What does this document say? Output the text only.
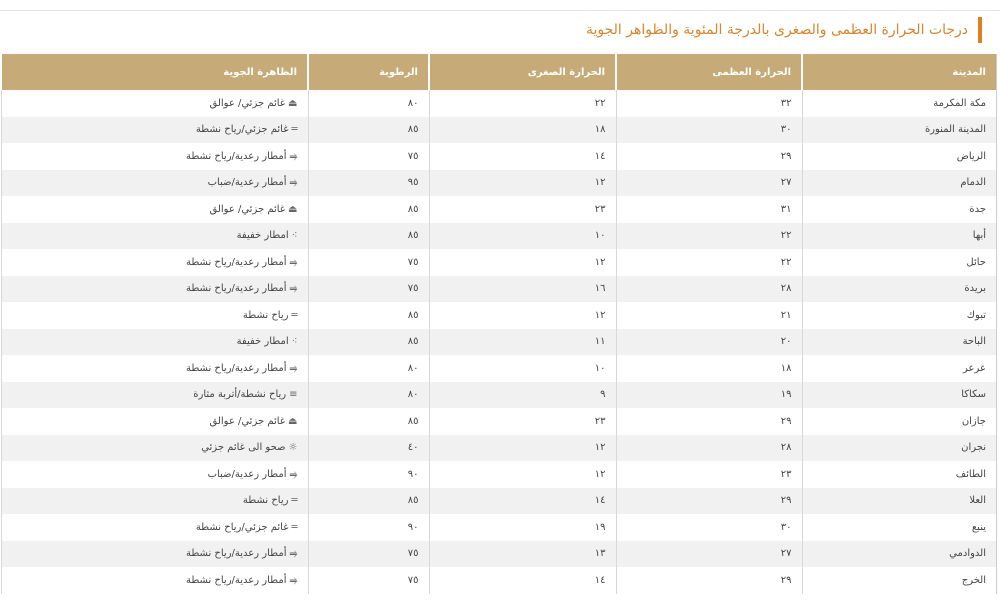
درجات الحرارة العظمى والصغرى بالدرجة المئوية والظواهر الجوية
المدينة	الحرارة العظمى	الحرارة الصغرى	الرطوبة	الظاهرة الجوية
مكة المكرمة	٣٢	٢٢	٨٠	⏏غائم جزئي/ عوالق
المدينة المنورة	٣٠	١٨	٨٥	═غائم جزئي/رياح نشطة
الرياض	٢٩	١٤	٧٥	⥤أمطار رعدية/رياح نشطة
الدمام	٢٧	١٢	٩٥	⥤أمطار رعدية/ضباب
جدة	٣١	٢٣	٨٥	⏏غائم جزئي/ عوالق
أبها	٢٢	١٠	٨٥	⁖امطار خفيفة
حائل	٢٢	١٢	٧٥	⥤أمطار رعدية/رياح نشطة
بريدة	٢٨	١٦	٧٥	⥤أمطار رعدية/رياح نشطة
تبوك	٢١	١٢	٨٥	═رياح نشطة
الباحة	٢٠	١١	٨٥	⁖امطار خفيفة
عرعر	١٨	١٠	٨٠	⥤أمطار رعدية/رياح نشطة
سكاكا	١٩	٩	٨٠	≡رياح نشطة/أتربة مثارة
جازان	٢٩	٢٣	٨٥	⏏غائم جزئي/ عوالق
نجران	٢٨	١٢	٤٠	☼صحو الى غائم جزئي
الطائف	٢٣	١٢	٩٠	⥤أمطار رعدية/ضباب
العلا	٢٩	١٤	٨٥	═رياح نشطة
ينبع	٣٠	١٩	٩٠	═غائم جزئي/رياح نشطة
الدوادمي	٢٧	١٣	٧٥	⥤أمطار رعدية/رياح نشطة
الخرج	٢٩	١٤	٧٥	⥤أمطار رعدية/رياح نشطة
